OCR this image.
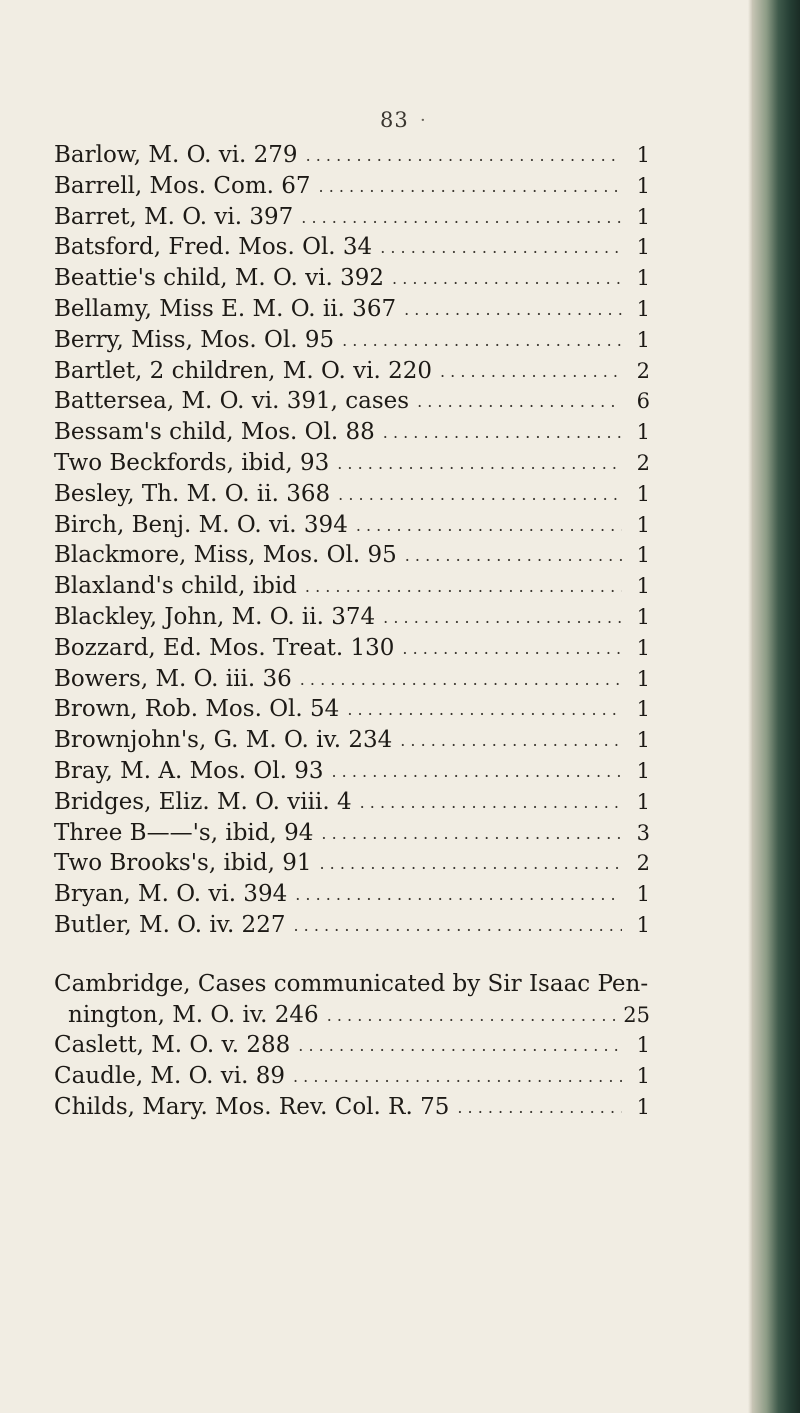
83 ·
Barlow, M. O. vi. 279 . . .	1
Barrell, Mos. Com. 67 . . .	1
Barret, M. O. vi. 397 . . .	1
Batsford, Fred. Mos. Ol. 34 . . .	1
Beattie's child, M. O. vi. 392 . . .	1
Bellamy, Miss E. M. O. ii. 367 . . .	1
Berry, Miss, Mos. Ol. 95 . . .	1
Bartlet, 2 children, M. O. vi. 220 . . .	2
Battersea, M. O. vi. 391, cases . . .	6
Bessam's child, Mos. Ol. 88 . . .	1
Two Beckfords, ibid, 93 . . .	2
Besley, Th. M. O. ii. 368 . . .	1
Birch, Benj. M. O. vi. 394 . . .	1
Blackmore, Miss, Mos. Ol. 95 . . .	1
Blaxland's child, ibid . . .	1
Blackley, John, M. O. ii. 374 . . .	1
Bozzard, Ed. Mos. Treat. 130 . . .	1
Bowers, M. O. iii. 36 . . .	1
Brown, Rob. Mos. Ol. 54 . . .	1
Brownjohn's, G. M. O. iv. 234 . . .	1
Bray, M. A. Mos. Ol. 93 . . .	1
Bridges, Eliz. M. O. viii. 4 . . .	1
Three B——'s, ibid, 94 . . .	3
Two Brooks's, ibid, 91 . . .	2
Bryan, M. O. vi. 394 . . .	1
Butler, M. O. iv. 227 . . .	1
Cambridge, Cases communicated by Sir Isaac Pen-
nington, M. O. iv. 246 . . .	25
Caslett, M. O. v. 288 . . .	1
Caudle, M. O. vi. 89 . . .	1
Childs, Mary. Mos. Rev. Col. R. 75 . . .	1
